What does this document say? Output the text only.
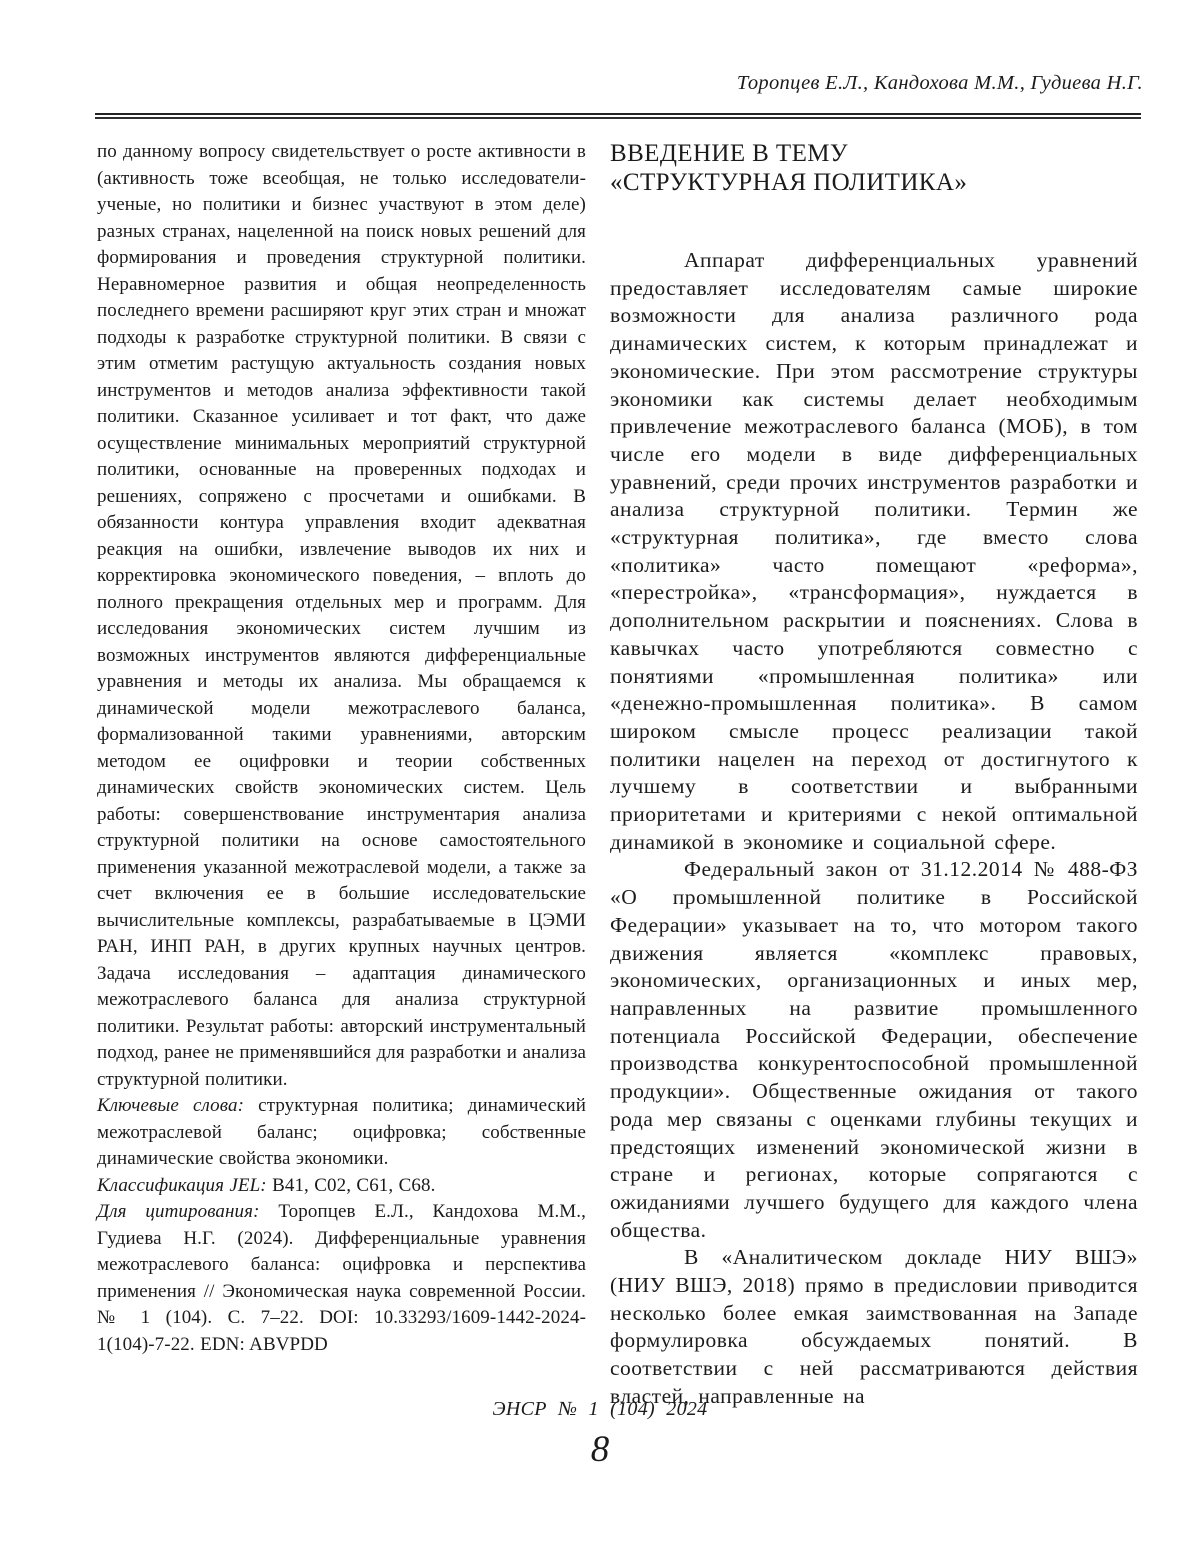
Торопцев Е.Л., Кандохова М.М., Гудиева Н.Г.

по данному вопросу свидетельствует о росте активности в (активность тоже всеобщая, не только исследователи-ученые, но политики и бизнес участвуют в этом деле) разных странах, нацеленной на поиск новых решений для формирования и проведения структурной политики. Неравномерное развития и общая неопределенность последнего времени расширяют круг этих стран и множат подходы к разработке структурной политики. В связи с этим отметим растущую актуальность создания новых инструментов и методов анализа эффективности такой политики. Сказанное усиливает и тот факт, что даже осуществление минимальных мероприятий структурной политики, основанные на проверенных подходах и решениях, сопряжено с просчетами и ошибками. В обязанности контура управления входит адекватная реакция на ошибки, извлечение выводов их них и корректировка экономического поведения, – вплоть до полного прекращения отдельных мер и программ. Для исследования экономических систем лучшим из возможных инструментов являются дифференциальные уравнения и методы их анализа. Мы обращаемся к динамической модели межотраслевого баланса, формализованной такими уравнениями, авторским методом ее оцифровки и теории собственных динамических свойств экономических систем. Цель работы: совершенствование инструментария анализа структурной политики на основе самостоятельного применения указанной межотраслевой модели, а также за счет включения ее в большие исследовательские вычислительные комплексы, разрабатываемые в ЦЭМИ РАН, ИНП РАН, в других крупных научных центров. Задача исследования – адаптация динамического межотраслевого баланса для анализа структурной политики. Результат работы: авторский инструментальный подход, ранее не применявшийся для разработки и анализа структурной политики.

Ключевые слова: структурная политика; динамический межотраслевой баланс; оцифровка; собственные динамические свойства экономики.

Классификация JEL: B41, C02, C61, C68.

Для цитирования: Торопцев Е.Л., Кандохова М.М., Гудиева Н.Г. (2024). Дифференциальные уравнения межотраслевого баланса: оцифровка и перспектива применения // Экономическая наука современной России. № 1 (104). С. 7–22. DOI: 10.33293/1609-1442-2024-1(104)-7-22. EDN: ABVPDD

ВВЕДЕНИЕ В ТЕМУ
«СТРУКТУРНАЯ ПОЛИТИКА»

Аппарат дифференциальных уравнений предоставляет исследователям самые широкие возможности для анализа различного рода динамических систем, к которым принадлежат и экономические. При этом рассмотрение структуры экономики как системы делает необходимым привлечение межотраслевого баланса (МОБ), в том числе его модели в виде дифференциальных уравнений, среди прочих инструментов разработки и анализа структурной политики. Термин же «структурная политика», где вместо слова «политика» часто помещают «реформа», «перестройка», «трансформация», нуждается в дополнительном раскрытии и пояснениях. Слова в кавычках часто употребляются совместно с понятиями «промышленная политика» или «денежно-промышленная политика». В самом широком смысле процесс реализации такой политики нацелен на переход от достигнутого к лучшему в соответствии и выбранными приоритетами и критериями с некой оптимальной динамикой в экономике и социальной сфере.

Федеральный закон от 31.12.2014 № 488-ФЗ «О промышленной политике в Российской Федерации» указывает на то, что мотором такого движения является «комплекс правовых, экономических, организационных и иных мер, направленных на развитие промышленного потенциала Российской Федерации, обеспечение производства конкурентоспособной промышленной продукции». Общественные ожидания от такого рода мер связаны с оценками глубины текущих и предстоящих изменений экономической жизни в стране и регионах, которые сопрягаются с ожиданиями лучшего будущего для каждого члена общества.

В «Аналитическом докладе НИУ ВШЭ» (НИУ ВШЭ, 2018) прямо в предисловии приводится несколько более емкая заимствованная на Западе формулировка обсуждаемых понятий. В соответствии с ней рассматриваются действия властей, направленные на

ЭНСР № 1 (104) 2024
8
